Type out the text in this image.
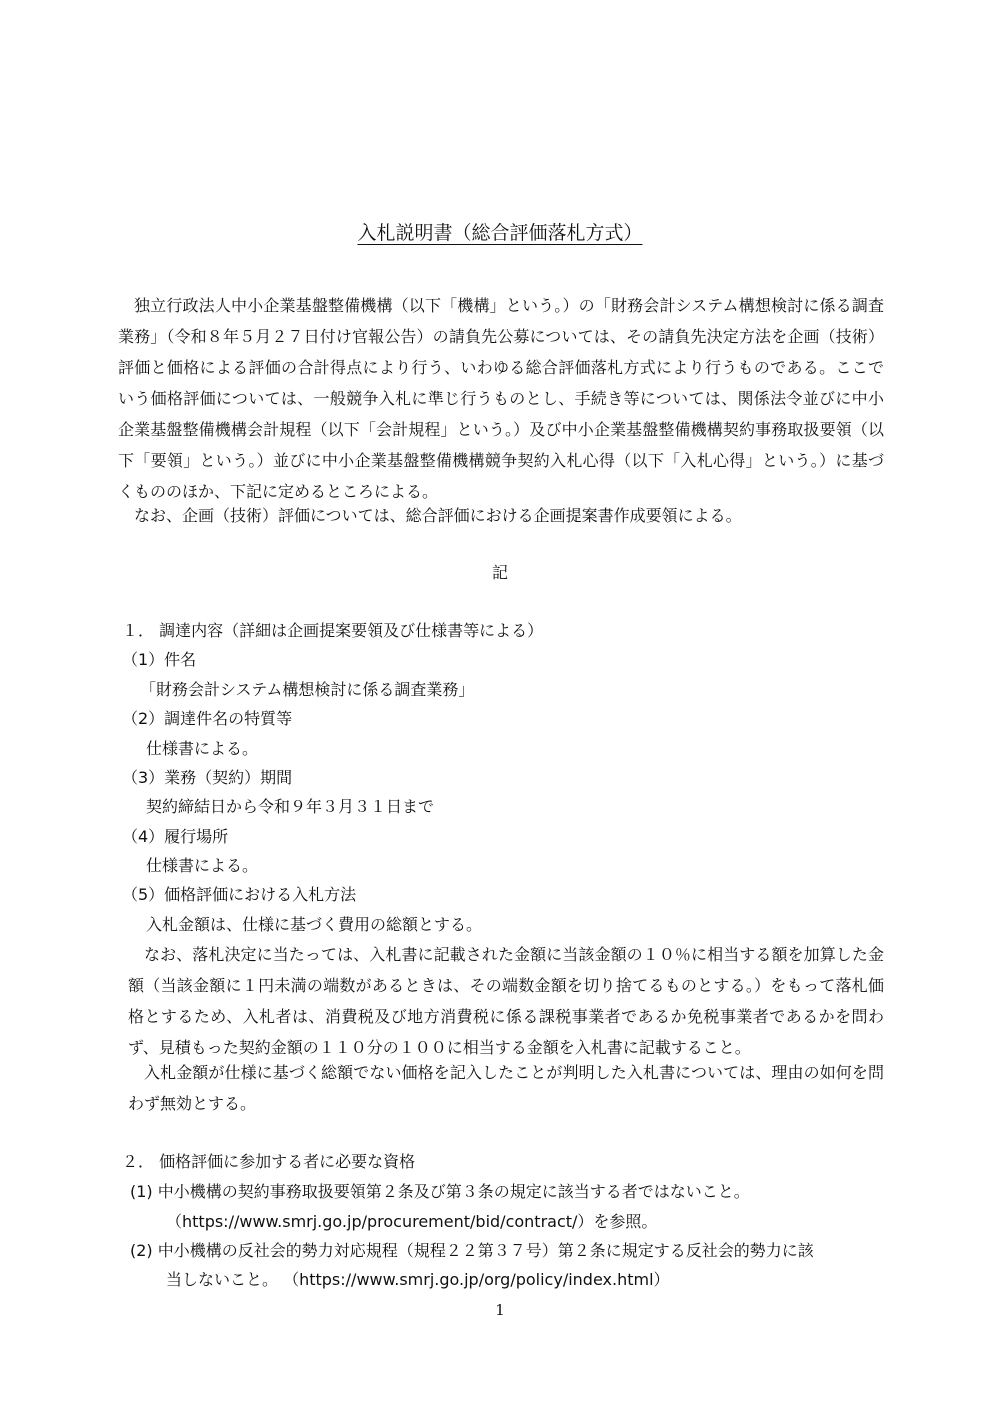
入札説明書（総合評価落札方式）

独立行政法人中小企業基盤整備機構（以下「機構」という。）の「財務会計システム構想検討に係る調査業務」（令和８年５月２７日付け官報公告）の請負先公募については、その請負先決定方法を企画（技術）評価と価格による評価の合計得点により行う、いわゆる総合評価落札方式により行うものである。ここでいう価格評価については、一般競争入札に準じ行うものとし、手続き等については、関係法令並びに中小企業基盤整備機構会計規程（以下「会計規程」という。）及び中小企業基盤整備機構契約事務取扱要領（以下「要領」という。）並びに中小企業基盤整備機構競争契約入札心得（以下「入札心得」という。）に基づくもののほか、下記に定めるところによる。

なお、企画（技術）評価については、総合評価における企画提案書作成要領による。

記
１． 調達内容（詳細は企画提案要領及び仕様書等による）
（1）件名
「財務会計システム構想検討に係る調査業務」
（2）調達件名の特質等
仕様書による。
（3）業務（契約）期間
契約締結日から令和９年３月３１日まで
（4）履行場所
仕様書による。
（5）価格評価における入札方法
入札金額は、仕様に基づく費用の総額とする。

なお、落札決定に当たっては、入札書に記載された金額に当該金額の１０％に相当する額を加算した金額（当該金額に１円未満の端数があるときは、その端数金額を切り捨てるものとする。）をもって落札価格とするため、入札者は、消費税及び地方消費税に係る課税事業者であるか免税事業者であるかを問わず、見積もった契約金額の１１０分の１００に相当する金額を入札書に記載すること。

入札金額が仕様に基づく総額でない価格を記入したことが判明した入札書については、理由の如何を問わず無効とする。

２． 価格評価に参加する者に必要な資格
(1) 中小機構の契約事務取扱要領第２条及び第３条の規定に該当する者ではないこと。
（https://www.smrj.go.jp/procurement/bid/contract/）を参照。
(2) 中小機構の反社会的勢力対応規程（規程２２第３７号）第２条に規定する反社会的勢力に該
当しないこと。 （https://www.smrj.go.jp/org/policy/index.html）
1
